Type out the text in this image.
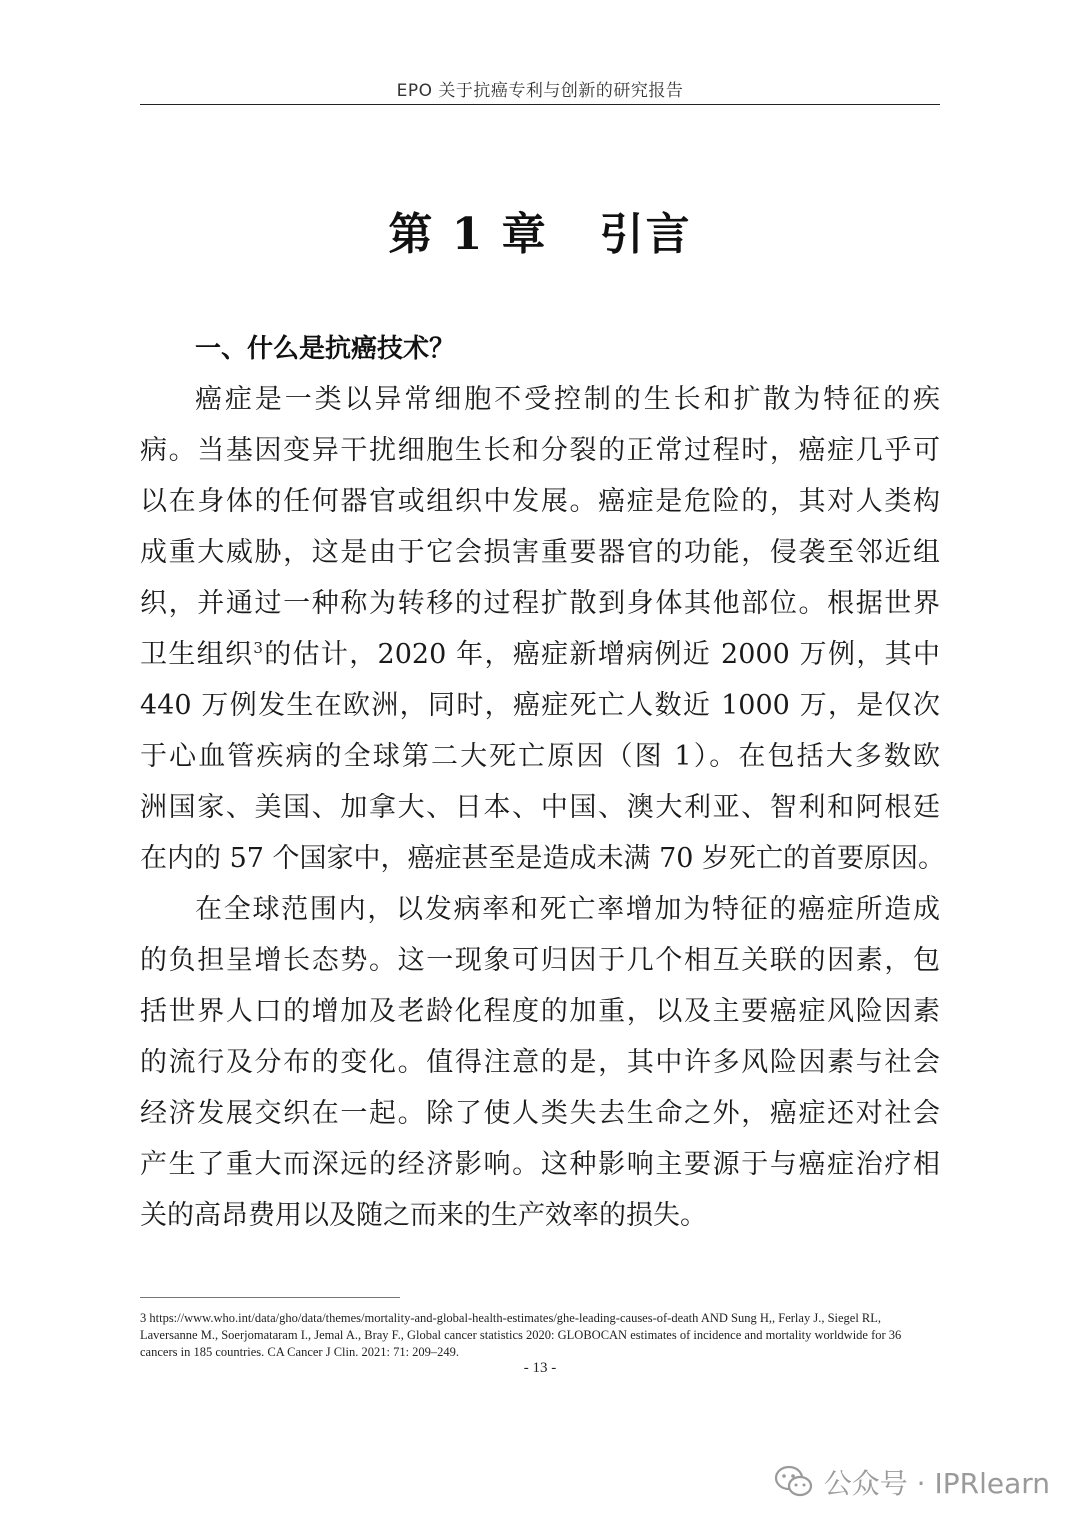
EPO 关于抗癌专利与创新的研究报告
第 1 章   引言
一、什么是抗癌技术？
癌症是一类以异常细胞不受控制的生长和扩散为特征的疾
病。当基因变异干扰细胞生长和分裂的正常过程时，癌症几乎可
以在身体的任何器官或组织中发展。癌症是危险的，其对人类构
成重大威胁，这是由于它会损害重要器官的功能，侵袭至邻近组
织，并通过一种称为转移的过程扩散到身体其他部位。根据世界
卫生组织$^3$的估计，2020 年，癌症新增病例近 2000 万例，其中
440 万例发生在欧洲，同时，癌症死亡人数近 1000 万，是仅次
于心血管疾病的全球第二大死亡原因（图 1）。在包括大多数欧
洲国家、美国、加拿大、日本、中国、澳大利亚、智利和阿根廷
在内的 57 个国家中，癌症甚至是造成未满 70 岁死亡的首要原因。
在全球范围内，以发病率和死亡率增加为特征的癌症所造成
的负担呈增长态势。这一现象可归因于几个相互关联的因素，包
括世界人口的增加及老龄化程度的加重，以及主要癌症风险因素
的流行及分布的变化。值得注意的是，其中许多风险因素与社会
经济发展交织在一起。除了使人类失去生命之外，癌症还对社会
产生了重大而深远的经济影响。这种影响主要源于与癌症治疗相
关的高昂费用以及随之而来的生产效率的损失。
3 https://www.who.int/data/gho/data/themes/mortality-and-global-health-estimates/ghe-leading-causes-of-death AND Sung H,, Ferlay J., Siegel RL, Laversanne M., Soerjomataram I., Jemal A., Bray F., Global cancer statistics 2020: GLOBOCAN estimates of incidence and mortality worldwide for 36 cancers in 185 countries. CA Cancer J Clin. 2021: 71: 209–249.
- 13 -
公众号 · IPRlearn
